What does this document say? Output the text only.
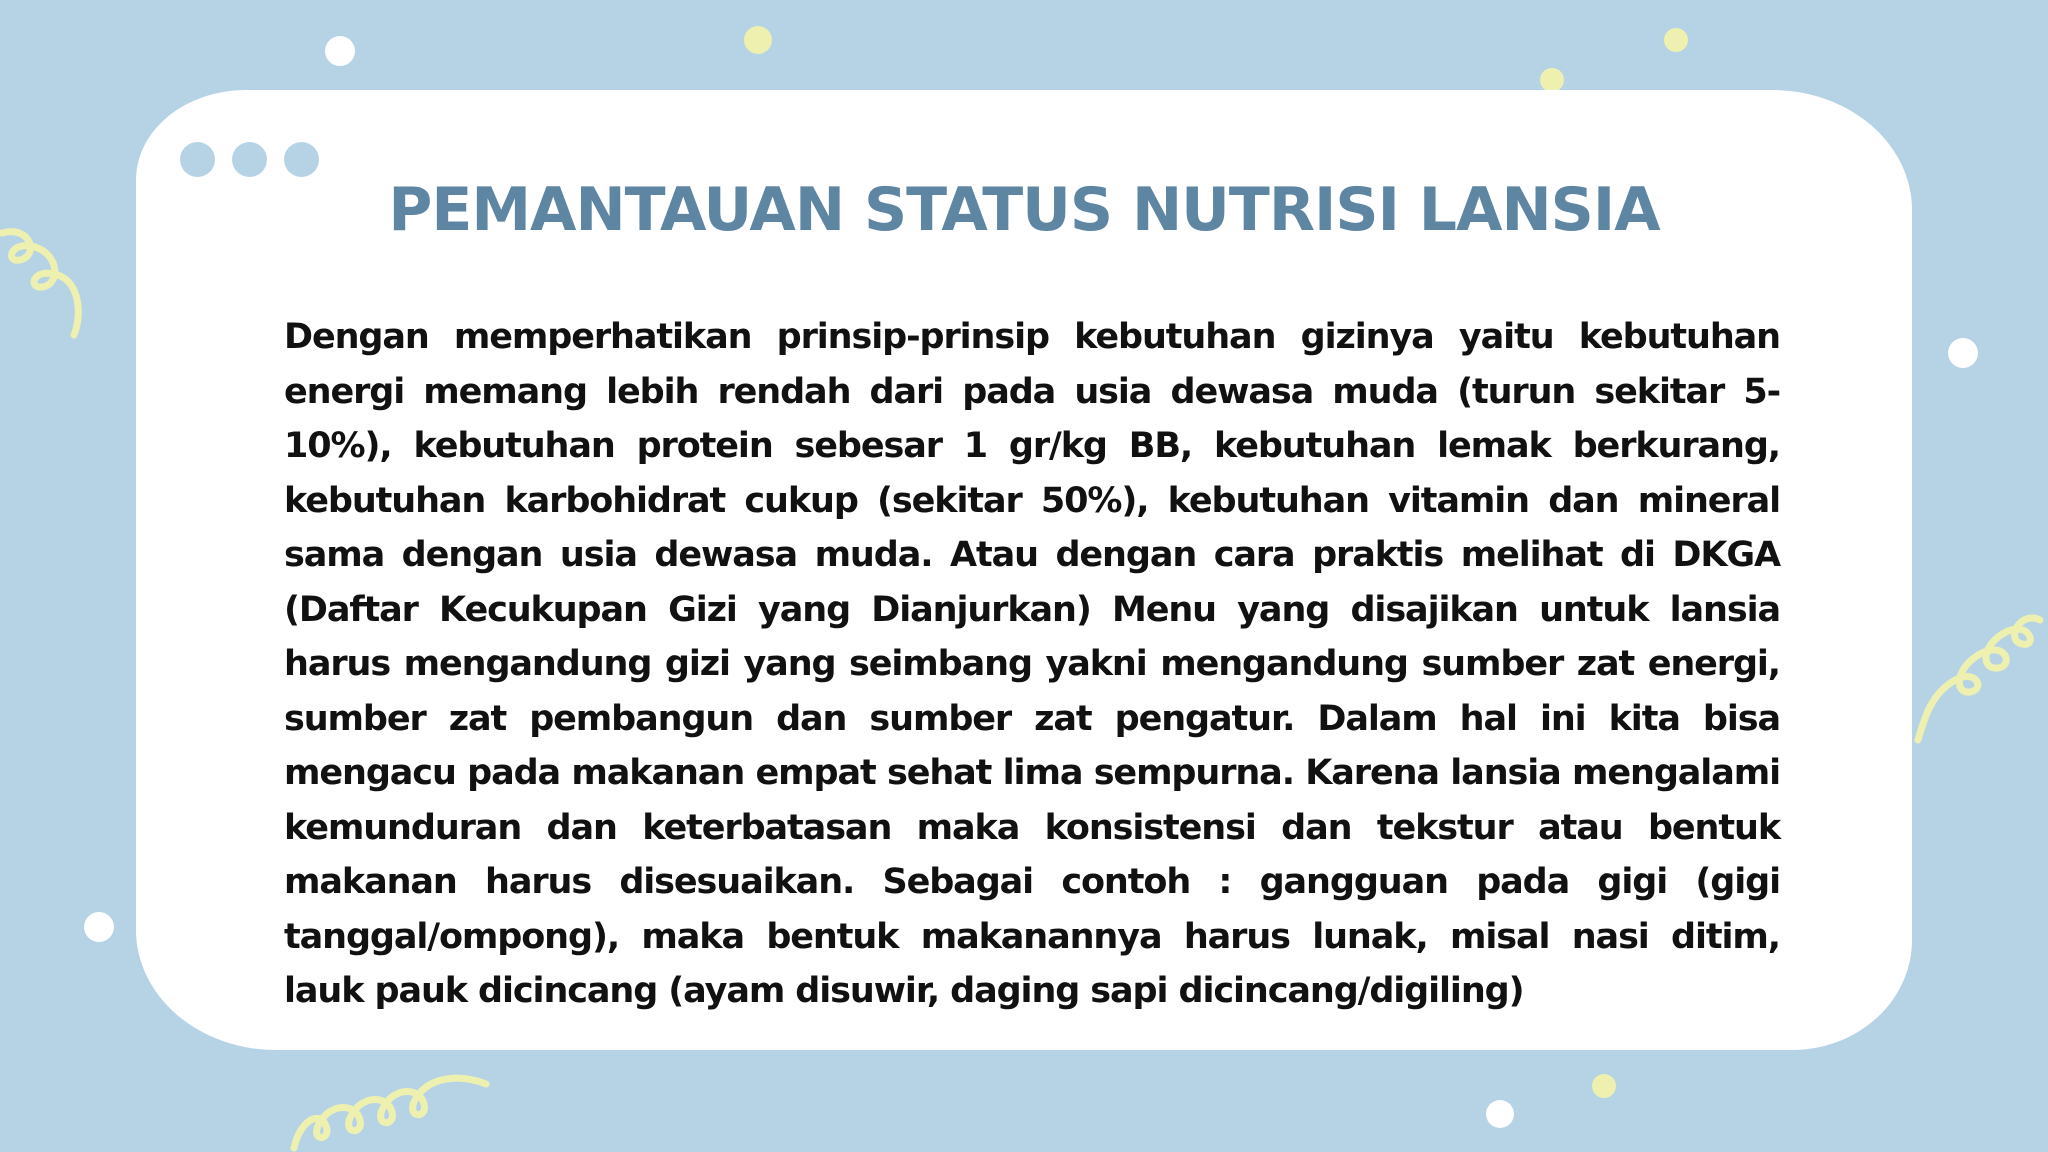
PEMANTAUAN STATUS NUTRISI LANSIA

Dengan memperhatikan prinsip-prinsip kebutuhan gizinya yaitu kebutuhan energi memang lebih rendah dari pada usia dewasa muda (turun sekitar 5-10%), kebutuhan protein sebesar 1 gr/kg BB, kebutuhan lemak berkurang, kebutuhan karbohidrat cukup (sekitar 50%), kebutuhan vitamin dan mineral sama dengan usia dewasa muda. Atau dengan cara praktis melihat di DKGA (Daftar Kecukupan Gizi yang Dianjurkan) Menu yang disajikan untuk lansia harus mengandung gizi yang seimbang yakni mengandung sumber zat energi, sumber zat pembangun dan sumber zat pengatur. Dalam hal ini kita bisa mengacu pada makanan empat sehat lima sempurna. Karena lansia mengalami kemunduran dan keterbatasan maka konsistensi dan tekstur atau bentuk makanan harus disesuaikan. Sebagai contoh : gangguan pada gigi (gigi tanggal/ompong), maka bentuk makanannya harus lunak, misal nasi ditim, lauk pauk dicincang (ayam disuwir, daging sapi dicincang/digiling)
